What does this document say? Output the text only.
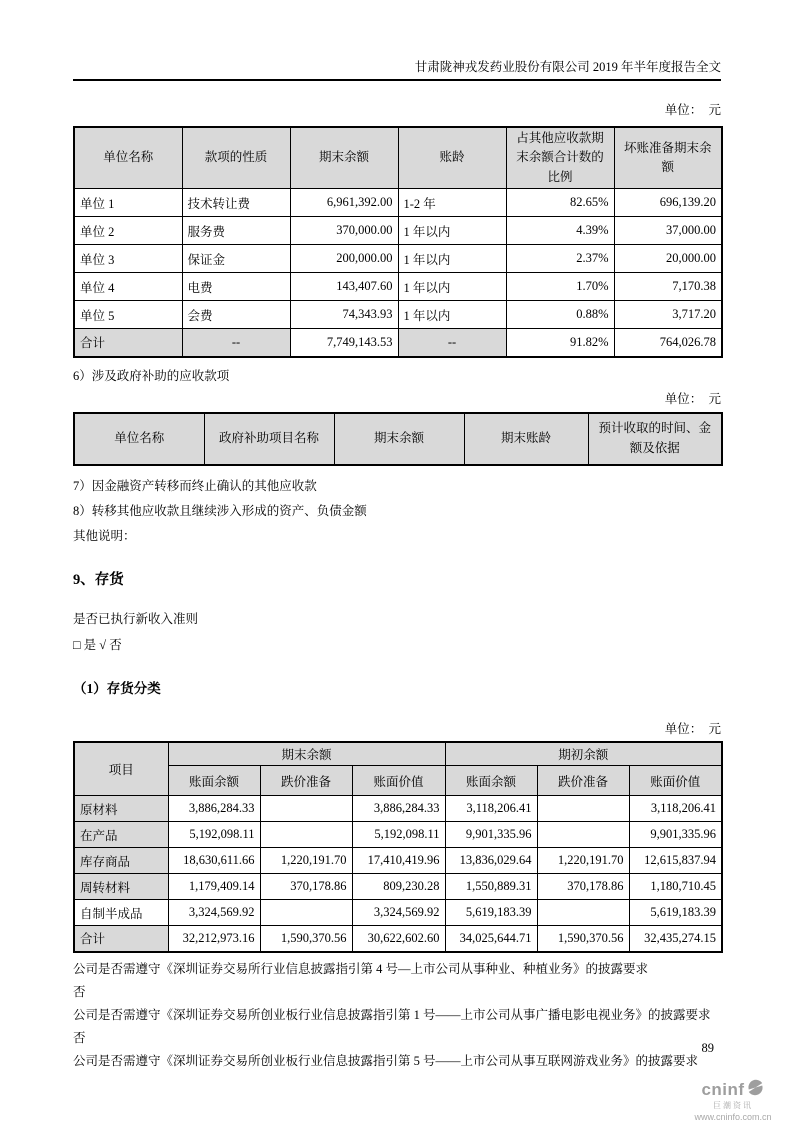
甘肃陇神戎发药业股份有限公司 2019 年半年度报告全文
单位：  元
单位名称	款项的性质	期末余额	账龄	占其他应收款期末余额合计数的比例	坏账准备期末余额
单位 1	技术转让费	6,961,392.00	1-2 年	82.65%	696,139.20
单位 2	服务费	370,000.00	1 年以内	4.39%	37,000.00
单位 3	保证金	200,000.00	1 年以内	2.37%	20,000.00
单位 4	电费	143,407.60	1 年以内	1.70%	7,170.38
单位 5	会费	74,343.93	1 年以内	0.88%	3,717.20
合计	--	7,749,143.53	--	91.82%	764,026.78
6）涉及政府补助的应收款项
单位：  元
单位名称	政府补助项目名称	期末余额	期末账龄	预计收取的时间、金额及依据
7）因金融资产转移而终止确认的其他应收款
8）转移其他应收款且继续涉入形成的资产、负债金额
其他说明：
9、存货
是否已执行新收入准则
□ 是 √ 否
（1）存货分类
单位：  元
项目	期末余额			期初余额		
	账面余额	跌价准备	账面价值	账面余额	跌价准备	账面价值
原材料	3,886,284.33		3,886,284.33	3,118,206.41		3,118,206.41
在产品	5,192,098.11		5,192,098.11	9,901,335.96		9,901,335.96
库存商品	18,630,611.66	1,220,191.70	17,410,419.96	13,836,029.64	1,220,191.70	12,615,837.94
周转材料	1,179,409.14	370,178.86	809,230.28	1,550,889.31	370,178.86	1,180,710.45
自制半成品	3,324,569.92		3,324,569.92	5,619,183.39		5,619,183.39
合计	32,212,973.16	1,590,370.56	30,622,602.60	34,025,644.71	1,590,370.56	32,435,274.15
公司是否需遵守《深圳证券交易所行业信息披露指引第 4 号—上市公司从事种业、种植业务》的披露要求
否
公司是否需遵守《深圳证券交易所创业板行业信息披露指引第 1 号——上市公司从事广播电影电视业务》的披露要求
否
公司是否需遵守《深圳证券交易所创业板行业信息披露指引第 5 号——上市公司从事互联网游戏业务》的披露要求
89
cninf
巨潮资讯
www.cninfo.com.cn
